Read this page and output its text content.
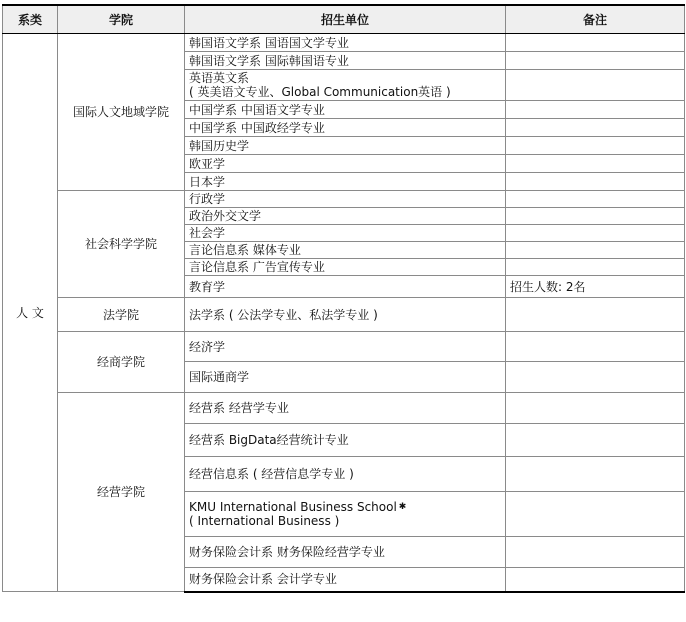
系类	学院	招生单位	备注
人 文	国际人文地域学院	韩国语文学系 国语国文学专业	

		韩国语文学系 国际韩国语专业	

		英语英文系
( 英美语文专业、Global Communication英语 )	

		中国学系 中国语文学专业	

		中国学系 中国政经学专业	

		韩国历史学	

		欧亚学	

		日本学	

	社会科学学院	行政学	

		政治外交文学	

		社会学	

		言论信息系 媒体专业	

		言论信息系 广告宣传专业	

		教育学	招生人数: 2名
	法学院	法学系 ( 公法学专业、私法学专业 )	

	经商学院	经济学	

		国际通商学	

	经营学院	经营系 经营学专业	

		经营系 BigData经营统计专业	

		经营信息系 ( 经营信息学专业 )	

		KMU International Business School ✱
( International Business )	

		财务保险会计系 财务保险经营学专业	

		财务保险会计系 会计学专业	
